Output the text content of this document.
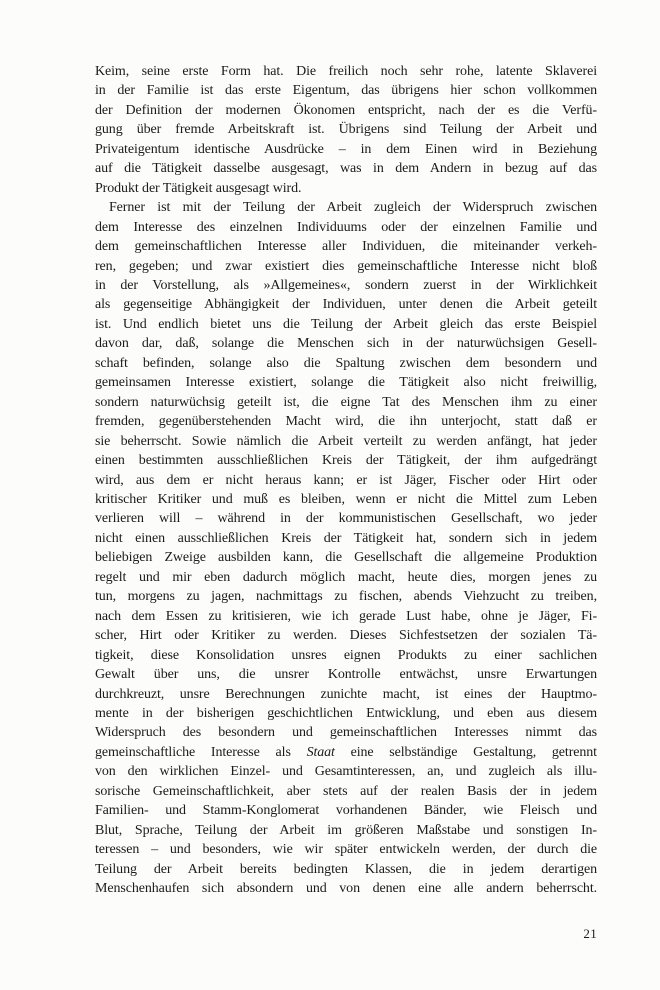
Keim, seine erste Form hat. Die freilich noch sehr rohe, latente Sklaverei
in der Familie ist das erste Eigentum, das übrigens hier schon vollkommen
der Definition der modernen Ökonomen entspricht, nach der es die Verfü-
gung über fremde Arbeitskraft ist. Übrigens sind Teilung der Arbeit und
Privateigentum identische Ausdrücke – in dem Einen wird in Beziehung
auf die Tätigkeit dasselbe ausgesagt, was in dem Andern in bezug auf das
Produkt der Tätigkeit ausgesagt wird.
Ferner ist mit der Teilung der Arbeit zugleich der Widerspruch zwischen
dem Interesse des einzelnen Individuums oder der einzelnen Familie und
dem gemeinschaftlichen Interesse aller Individuen, die miteinander verkeh-
ren, gegeben; und zwar existiert dies gemeinschaftliche Interesse nicht bloß
in der Vorstellung, als »Allgemeines«, sondern zuerst in der Wirklichkeit
als gegenseitige Abhängigkeit der Individuen, unter denen die Arbeit geteilt
ist. Und endlich bietet uns die Teilung der Arbeit gleich das erste Beispiel
davon dar, daß, solange die Menschen sich in der naturwüchsigen Gesell-
schaft befinden, solange also die Spaltung zwischen dem besondern und
gemeinsamen Interesse existiert, solange die Tätigkeit also nicht freiwillig,
sondern naturwüchsig geteilt ist, die eigne Tat des Menschen ihm zu einer
fremden, gegenüberstehenden Macht wird, die ihn unterjocht, statt daß er
sie beherrscht. Sowie nämlich die Arbeit verteilt zu werden anfängt, hat jeder
einen bestimmten ausschließlichen Kreis der Tätigkeit, der ihm aufgedrängt
wird, aus dem er nicht heraus kann; er ist Jäger, Fischer oder Hirt oder
kritischer Kritiker und muß es bleiben, wenn er nicht die Mittel zum Leben
verlieren will – während in der kommunistischen Gesellschaft, wo jeder
nicht einen ausschließlichen Kreis der Tätigkeit hat, sondern sich in jedem
beliebigen Zweige ausbilden kann, die Gesellschaft die allgemeine Produktion
regelt und mir eben dadurch möglich macht, heute dies, morgen jenes zu
tun, morgens zu jagen, nachmittags zu fischen, abends Viehzucht zu treiben,
nach dem Essen zu kritisieren, wie ich gerade Lust habe, ohne je Jäger, Fi-
scher, Hirt oder Kritiker zu werden. Dieses Sichfestsetzen der sozialen Tä-
tigkeit, diese Konsolidation unsres eignen Produkts zu einer sachlichen
Gewalt über uns, die unsrer Kontrolle entwächst, unsre Erwartungen
durchkreuzt, unsre Berechnungen zunichte macht, ist eines der Hauptmo-
mente in der bisherigen geschichtlichen Entwicklung, und eben aus diesem
Widerspruch des besondern und gemeinschaftlichen Interesses nimmt das
gemeinschaftliche Interesse als Staat eine selbständige Gestaltung, getrennt
von den wirklichen Einzel- und Gesamtinteressen, an, und zugleich als illu-
sorische Gemeinschaftlichkeit, aber stets auf der realen Basis der in jedem
Familien- und Stamm-Konglomerat vorhandenen Bänder, wie Fleisch und
Blut, Sprache, Teilung der Arbeit im größeren Maßstabe und sonstigen In-
teressen – und besonders, wie wir später entwickeln werden, der durch die
Teilung der Arbeit bereits bedingten Klassen, die in jedem derartigen
Menschenhaufen sich absondern und von denen eine alle andern beherrscht.
21
